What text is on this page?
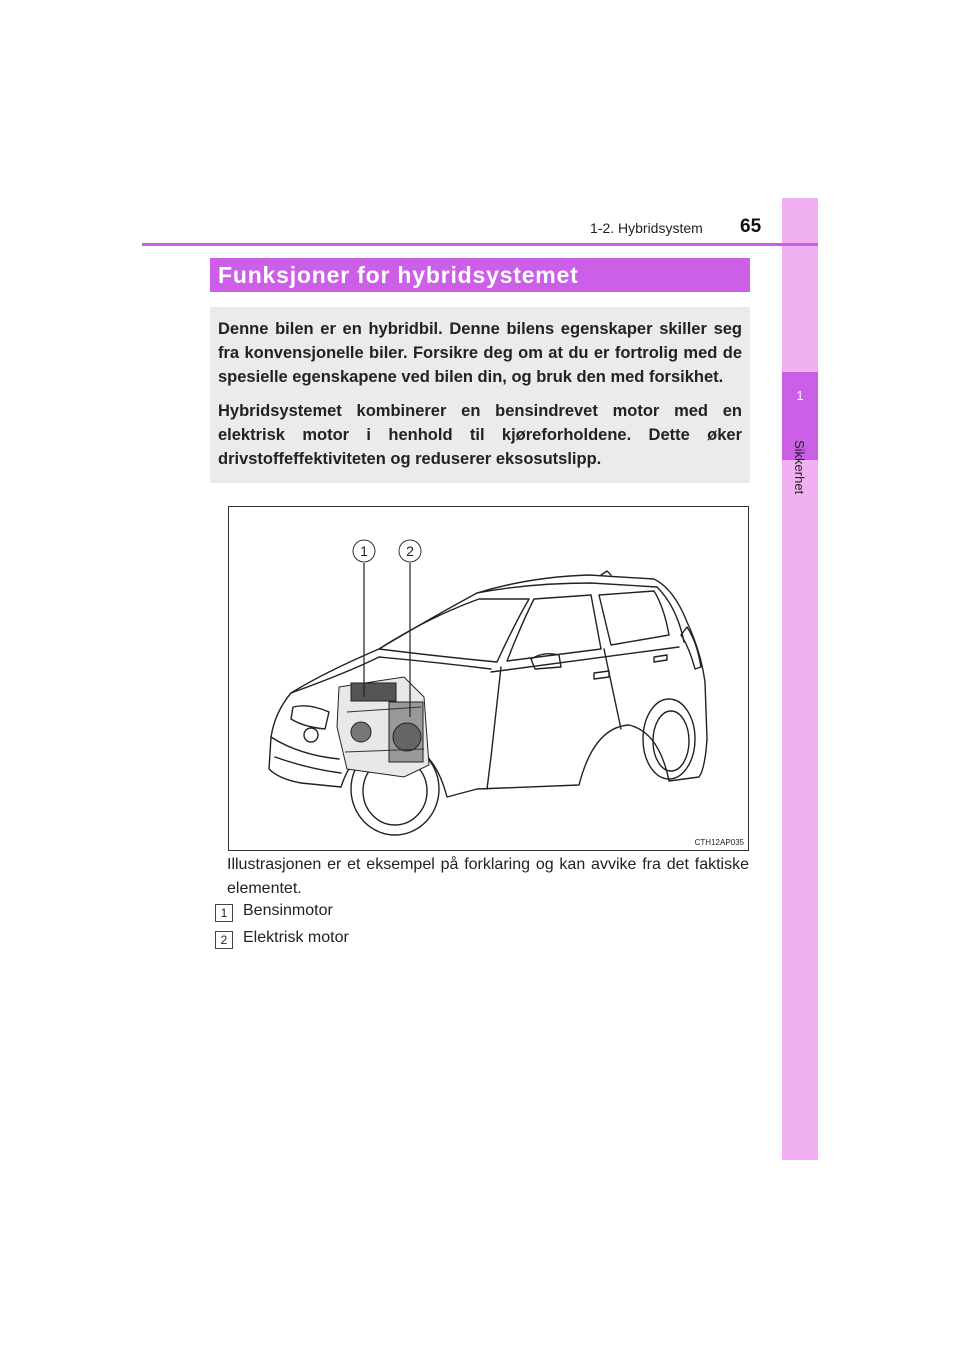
1
Sikkerhet
1-2. Hybridsystem 65
Funksjoner for hybridsystemet

Denne bilen er en hybridbil. Denne bilens egenskaper skiller seg fra konvensjonelle biler. Forsikre deg om at du er fortrolig med de spesielle egenskapene ved bilen din, og bruk den med forsikhet.

Hybridsystemet kombinerer en bensindrevet motor med en elektrisk motor i henhold til kjøreforholdene. Dette øker drivstoffeffektiviteten og reduserer eksosutslipp.

1	2
CTH12AP035
Illustrasjonen er et eksempel på forklaring og kan avvike fra det faktiske elementet.
1 Bensinmotor
2 Elektrisk motor
